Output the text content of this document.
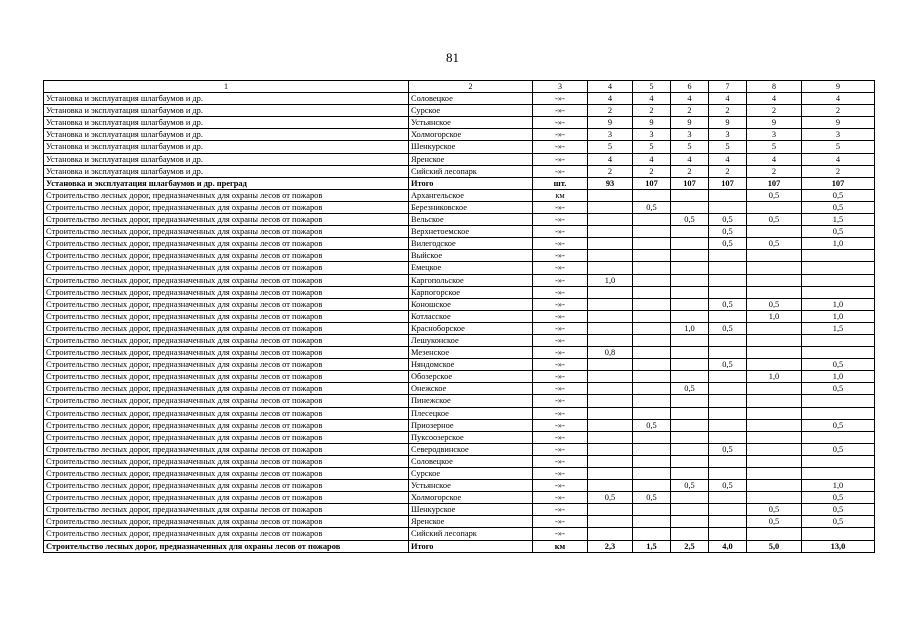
81
1	2	3	4	5	6	7	8	9
Установка и эксплуатация шлагбаумов и др.	Соловецкое	-»-	4	4	4	4	4	4
Установка и эксплуатация шлагбаумов и др.	Сурское	-»-	2	2	2	2	2	2
Установка и эксплуатация шлагбаумов и др.	Устьянское	-»-	9	9	9	9	9	9
Установка и эксплуатация шлагбаумов и др.	Холмогорское	-»-	3	3	3	3	3	3
Установка и эксплуатация шлагбаумов и др.	Шенкурское	-»-	5	5	5	5	5	5
Установка и эксплуатация шлагбаумов и др.	Яренское	-»-	4	4	4	4	4	4
Установка и эксплуатация шлагбаумов и др.	Сийский лесопарк	-»-	2	2	2	2	2	2
Установка и эксплуатация шлагбаумов и др. преград	Итого	шт.	93	107	107	107	107	107
Строительство лесных дорог, предназначенных для охраны лесов от пожаров	Архангельское	км					0,5	0,5
Строительство лесных дорог, предназначенных для охраны лесов от пожаров	Березниковское	-»-		0,5				0,5
Строительство лесных дорог, предназначенных для охраны лесов от пожаров	Вельское	-»-			0,5	0,5	0,5	1,5
Строительство лесных дорог, предназначенных для охраны лесов от пожаров	Верхнетоемское	-»-				0,5		0,5
Строительство лесных дорог, предназначенных для охраны лесов от пожаров	Вилегодское	-»-				0,5	0,5	1,0
Строительство лесных дорог, предназначенных для охраны лесов от пожаров	Выйское	-»-						
Строительство лесных дорог, предназначенных для охраны лесов от пожаров	Емецкое	-»-						
Строительство лесных дорог, предназначенных для охраны лесов от пожаров	Каргопольское	-»-	1,0					
Строительство лесных дорог, предназначенных для охраны лесов от пожаров	Карпогорское	-»-						
Строительство лесных дорог, предназначенных для охраны лесов от пожаров	Коношское	-»-				0,5	0,5	1,0
Строительство лесных дорог, предназначенных для охраны лесов от пожаров	Котласское	-»-					1,0	1,0
Строительство лесных дорог, предназначенных для охраны лесов от пожаров	Красноборское	-»-			1,0	0,5		1,5
Строительство лесных дорог, предназначенных для охраны лесов от пожаров	Лешуконское	-»-						
Строительство лесных дорог, предназначенных для охраны лесов от пожаров	Мезенское	-»-	0,8					
Строительство лесных дорог, предназначенных для охраны лесов от пожаров	Няндомское	-»-				0,5		0,5
Строительство лесных дорог, предназначенных для охраны лесов от пожаров	Обозерское	-»-					1,0	1,0
Строительство лесных дорог, предназначенных для охраны лесов от пожаров	Онежское	-»-			0,5			0,5
Строительство лесных дорог, предназначенных для охраны лесов от пожаров	Пинежское	-»-						
Строительство лесных дорог, предназначенных для охраны лесов от пожаров	Плесецкое	-»-						
Строительство лесных дорог, предназначенных для охраны лесов от пожаров	Приозерное	-»-		0,5				0,5
Строительство лесных дорог, предназначенных для охраны лесов от пожаров	Пуксоозерское	-»-						
Строительство лесных дорог, предназначенных для охраны лесов от пожаров	Северодвинское	-»-				0,5		0,5
Строительство лесных дорог, предназначенных для охраны лесов от пожаров	Соловецкое	-»-						
Строительство лесных дорог, предназначенных для охраны лесов от пожаров	Сурское	-»-						
Строительство лесных дорог, предназначенных для охраны лесов от пожаров	Устьянское	-»-			0,5	0,5		1,0
Строительство лесных дорог, предназначенных для охраны лесов от пожаров	Холмогорское	-»-	0,5	0,5				0,5
Строительство лесных дорог, предназначенных для охраны лесов от пожаров	Шенкурское	-»-					0,5	0,5
Строительство лесных дорог, предназначенных для охраны лесов от пожаров	Яренское	-»-					0,5	0,5
Строительство лесных дорог, предназначенных для охраны лесов от пожаров	Сийский лесопарк	-»-						
Строительство лесных дорог, предназначенных для охраны лесов от пожаров	Итого	км	2,3	1,5	2,5	4,0	5,0	13,0
